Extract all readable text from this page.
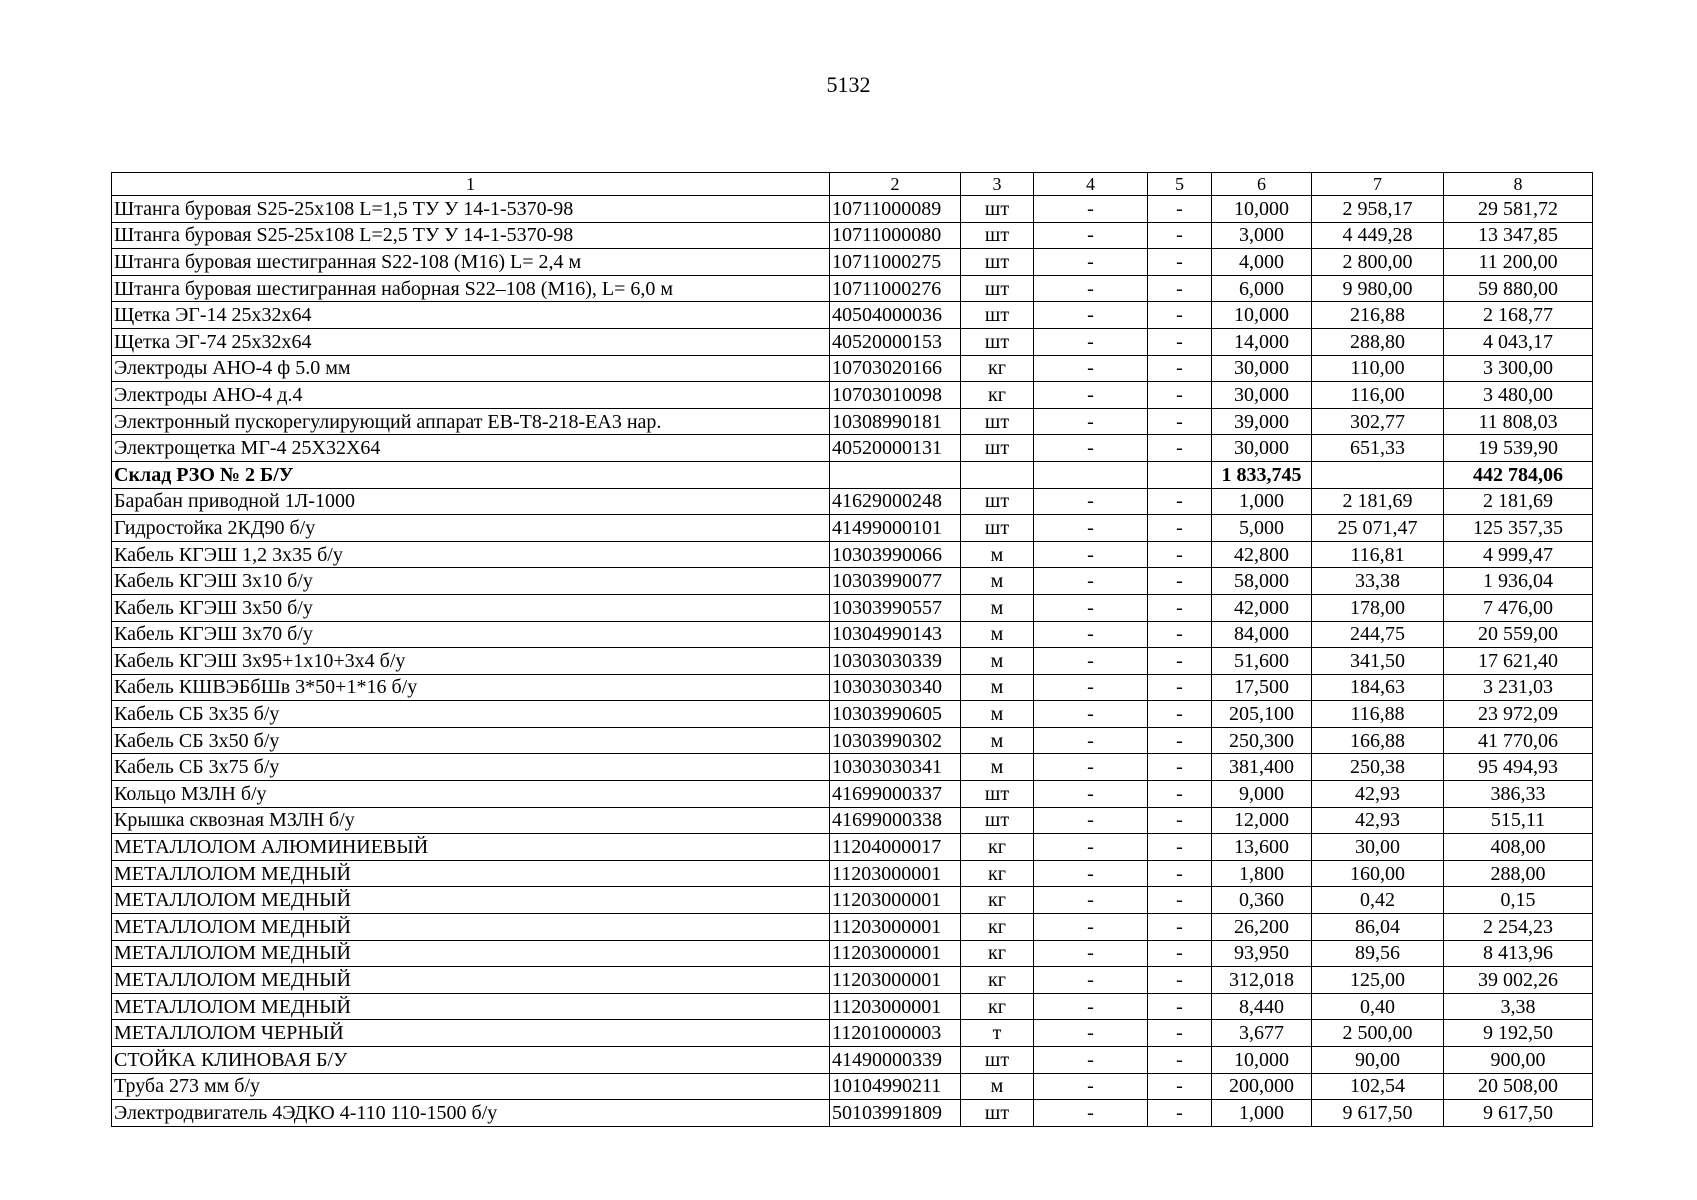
5132
1	2	3	4	5	6	7	8
Штанга буровая S25-25х108 L=1,5 ТУ У 14-1-5370-98	10711000089	шт	-	-	10,000	2 958,17	29 581,72
Штанга буровая S25-25х108 L=2,5 ТУ У 14-1-5370-98	10711000080	шт	-	-	3,000	4 449,28	13 347,85
Штанга буровая шестигранная S22-108 (М16) L= 2,4 м	10711000275	шт	-	-	4,000	2 800,00	11 200,00
Штанга буровая шестигранная наборная S22–108 (М16), L= 6,0 м	10711000276	шт	-	-	6,000	9 980,00	59 880,00
Щетка ЭГ-14 25х32х64	40504000036	шт	-	-	10,000	216,88	2 168,77
Щетка ЭГ-74 25х32х64	40520000153	шт	-	-	14,000	288,80	4 043,17
Электроды АНО-4 ф 5.0 мм	10703020166	кг	-	-	30,000	110,00	3 300,00
Электроды АНО-4 д.4	10703010098	кг	-	-	30,000	116,00	3 480,00
Электронный пускорегулирующий аппарат EB-T8-218-EA3 нар.	10308990181	шт	-	-	39,000	302,77	11 808,03
Электрощетка МГ-4 25Х32Х64	40520000131	шт	-	-	30,000	651,33	19 539,90
Склад РЗО № 2 Б/У					1 833,745		442 784,06
Барабан приводной 1Л-1000	41629000248	шт	-	-	1,000	2 181,69	2 181,69
Гидростойка 2КД90 б/у	41499000101	шт	-	-	5,000	25 071,47	125 357,35
Кабель КГЭШ 1,2 3х35 б/у	10303990066	м	-	-	42,800	116,81	4 999,47
Кабель КГЭШ 3х10 б/у	10303990077	м	-	-	58,000	33,38	1 936,04
Кабель КГЭШ 3х50 б/у	10303990557	м	-	-	42,000	178,00	7 476,00
Кабель КГЭШ 3х70 б/у	10304990143	м	-	-	84,000	244,75	20 559,00
Кабель КГЭШ 3х95+1х10+3х4 б/у	10303030339	м	-	-	51,600	341,50	17 621,40
Кабель КШВЭБбШв 3*50+1*16 б/у	10303030340	м	-	-	17,500	184,63	3 231,03
Кабель СБ 3х35 б/у	10303990605	м	-	-	205,100	116,88	23 972,09
Кабель СБ 3х50 б/у	10303990302	м	-	-	250,300	166,88	41 770,06
Кабель СБ 3х75 б/у	10303030341	м	-	-	381,400	250,38	95 494,93
Кольцо МЗЛН б/у	41699000337	шт	-	-	9,000	42,93	386,33
Крышка сквозная МЗЛН б/у	41699000338	шт	-	-	12,000	42,93	515,11
МЕТАЛЛОЛОМ АЛЮМИНИЕВЫЙ	11204000017	кг	-	-	13,600	30,00	408,00
МЕТАЛЛОЛОМ МЕДНЫЙ	11203000001	кг	-	-	1,800	160,00	288,00
МЕТАЛЛОЛОМ МЕДНЫЙ	11203000001	кг	-	-	0,360	0,42	0,15
МЕТАЛЛОЛОМ МЕДНЫЙ	11203000001	кг	-	-	26,200	86,04	2 254,23
МЕТАЛЛОЛОМ МЕДНЫЙ	11203000001	кг	-	-	93,950	89,56	8 413,96
МЕТАЛЛОЛОМ МЕДНЫЙ	11203000001	кг	-	-	312,018	125,00	39 002,26
МЕТАЛЛОЛОМ МЕДНЫЙ	11203000001	кг	-	-	8,440	0,40	3,38
МЕТАЛЛОЛОМ ЧЕРНЫЙ	11201000003	т	-	-	3,677	2 500,00	9 192,50
СТОЙКА КЛИНОВАЯ Б/У	41490000339	шт	-	-	10,000	90,00	900,00
Труба 273 мм б/у	10104990211	м	-	-	200,000	102,54	20 508,00
Электродвигатель 4ЭДКО 4-110 110-1500 б/у	50103991809	шт	-	-	1,000	9 617,50	9 617,50
